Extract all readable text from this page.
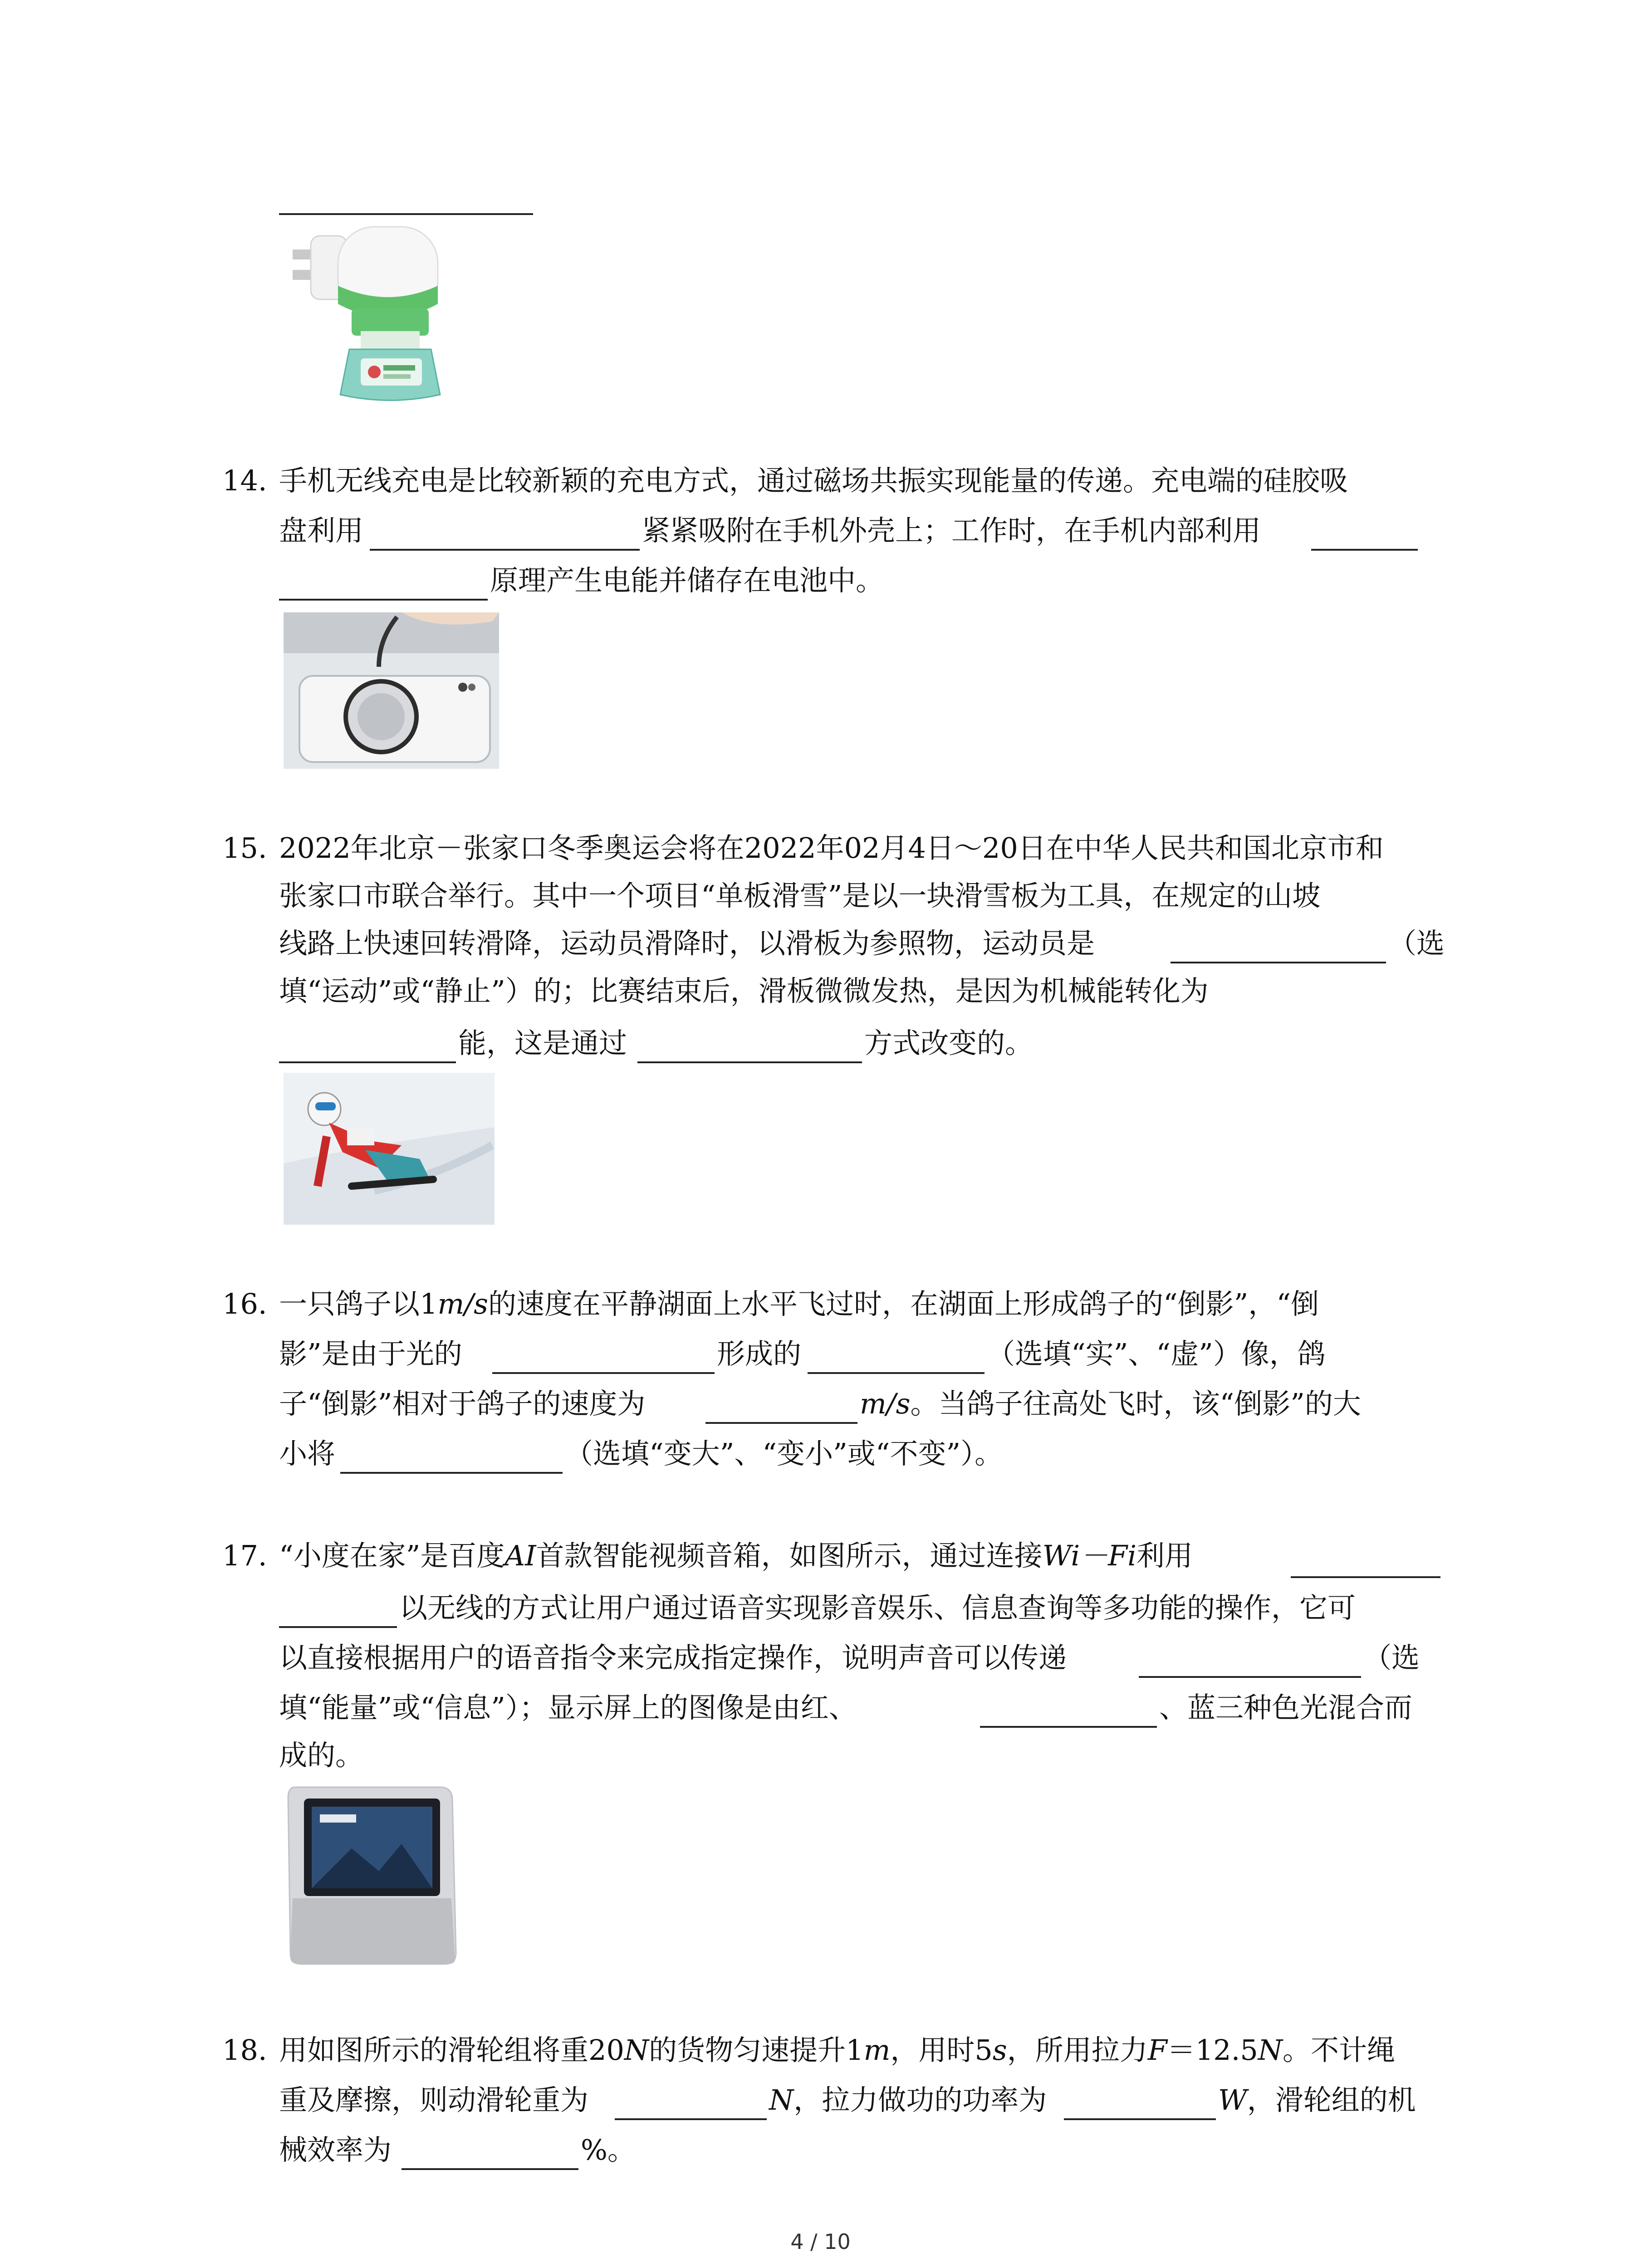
14. 手机无线充电是比较新颖的充电方式，通过磁场共振实现能量的传递。充电端的硅胶吸
盘利用	紧紧吸附在手机外壳上；工作时，在手机内部利用
原理产生电能并储存在电池中。
15. 2022年北京－张家口冬季奥运会将在2022年02月4日～20日在中华人民共和国北京市和
张家口市联合举行。其中一个项目“单板滑雪”是以一块滑雪板为工具，在规定的山坡
线路上快速回转滑降，运动员滑降时，以滑板为参照物，运动员是	（选
填“运动”或“静止”）的；比赛结束后，滑板微微发热，是因为机械能转化为
能，这是通过	方式改变的。
16. 一只鸽子以1m/s的速度在平静湖面上水平飞过时，在湖面上形成鸽子的“倒影”，“倒
影”是由于光的	形成的	（选填“实”、“虚”）像，鸽
子“倒影”相对于鸽子的速度为	m/s。当鸽子往高处飞时，该“倒影”的大
小将	（选填“变大”、“变小”或“不变”）。
17. “小度在家”是百度AI首款智能视频音箱，如图所示，通过连接Wi－Fi利用
以无线的方式让用户通过语音实现影音娱乐、信息查询等多功能的操作，它可
以直接根据用户的语音指令来完成指定操作，说明声音可以传递	（选
填“能量”或“信息”）；显示屏上的图像是由红、	、蓝三种色光混合而
成的。
18. 用如图所示的滑轮组将重20N的货物匀速提升1m，用时5s，所用拉力F＝12.5N。不计绳
重及摩擦，则动滑轮重为	N，拉力做功的功率为	W，滑轮组的机
械效率为	%。
4 / 10
